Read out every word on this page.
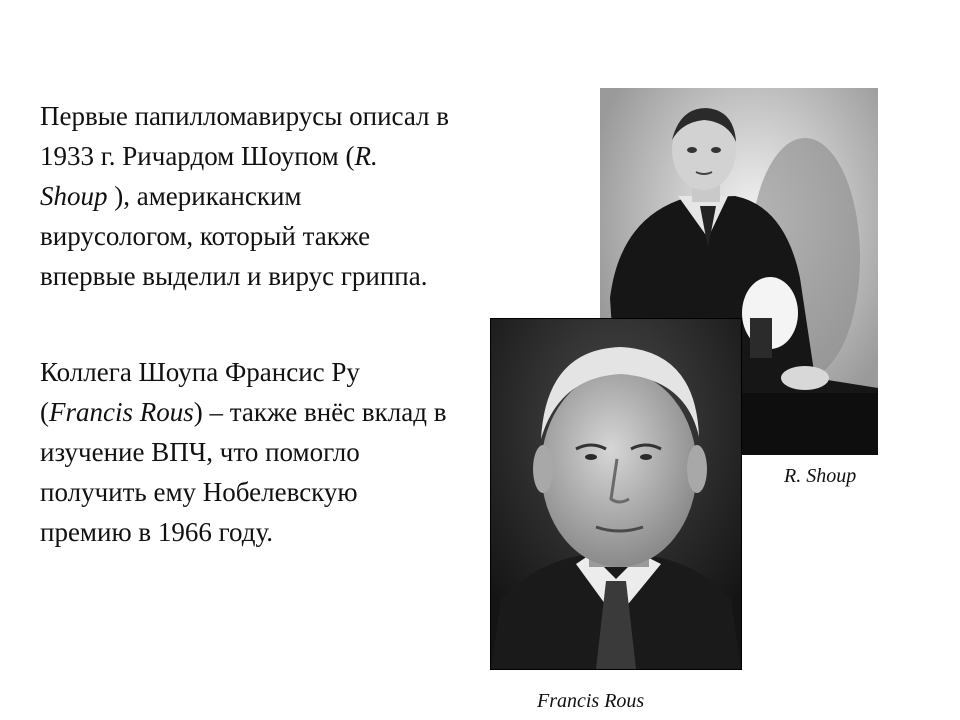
Первые папилломавирусы описал в 1933 г. Ричардом Шоупом (R. Shoup ), американским вирусологом, который также впервые выделил и вирус гриппа.

Коллега Шоупа Франсис Ру (Francis Rous) – также внёс вклад в изучение ВПЧ, что помогло получить ему Нобелевскую премию в 1966 году.

R. Shoup
Francis Rous
